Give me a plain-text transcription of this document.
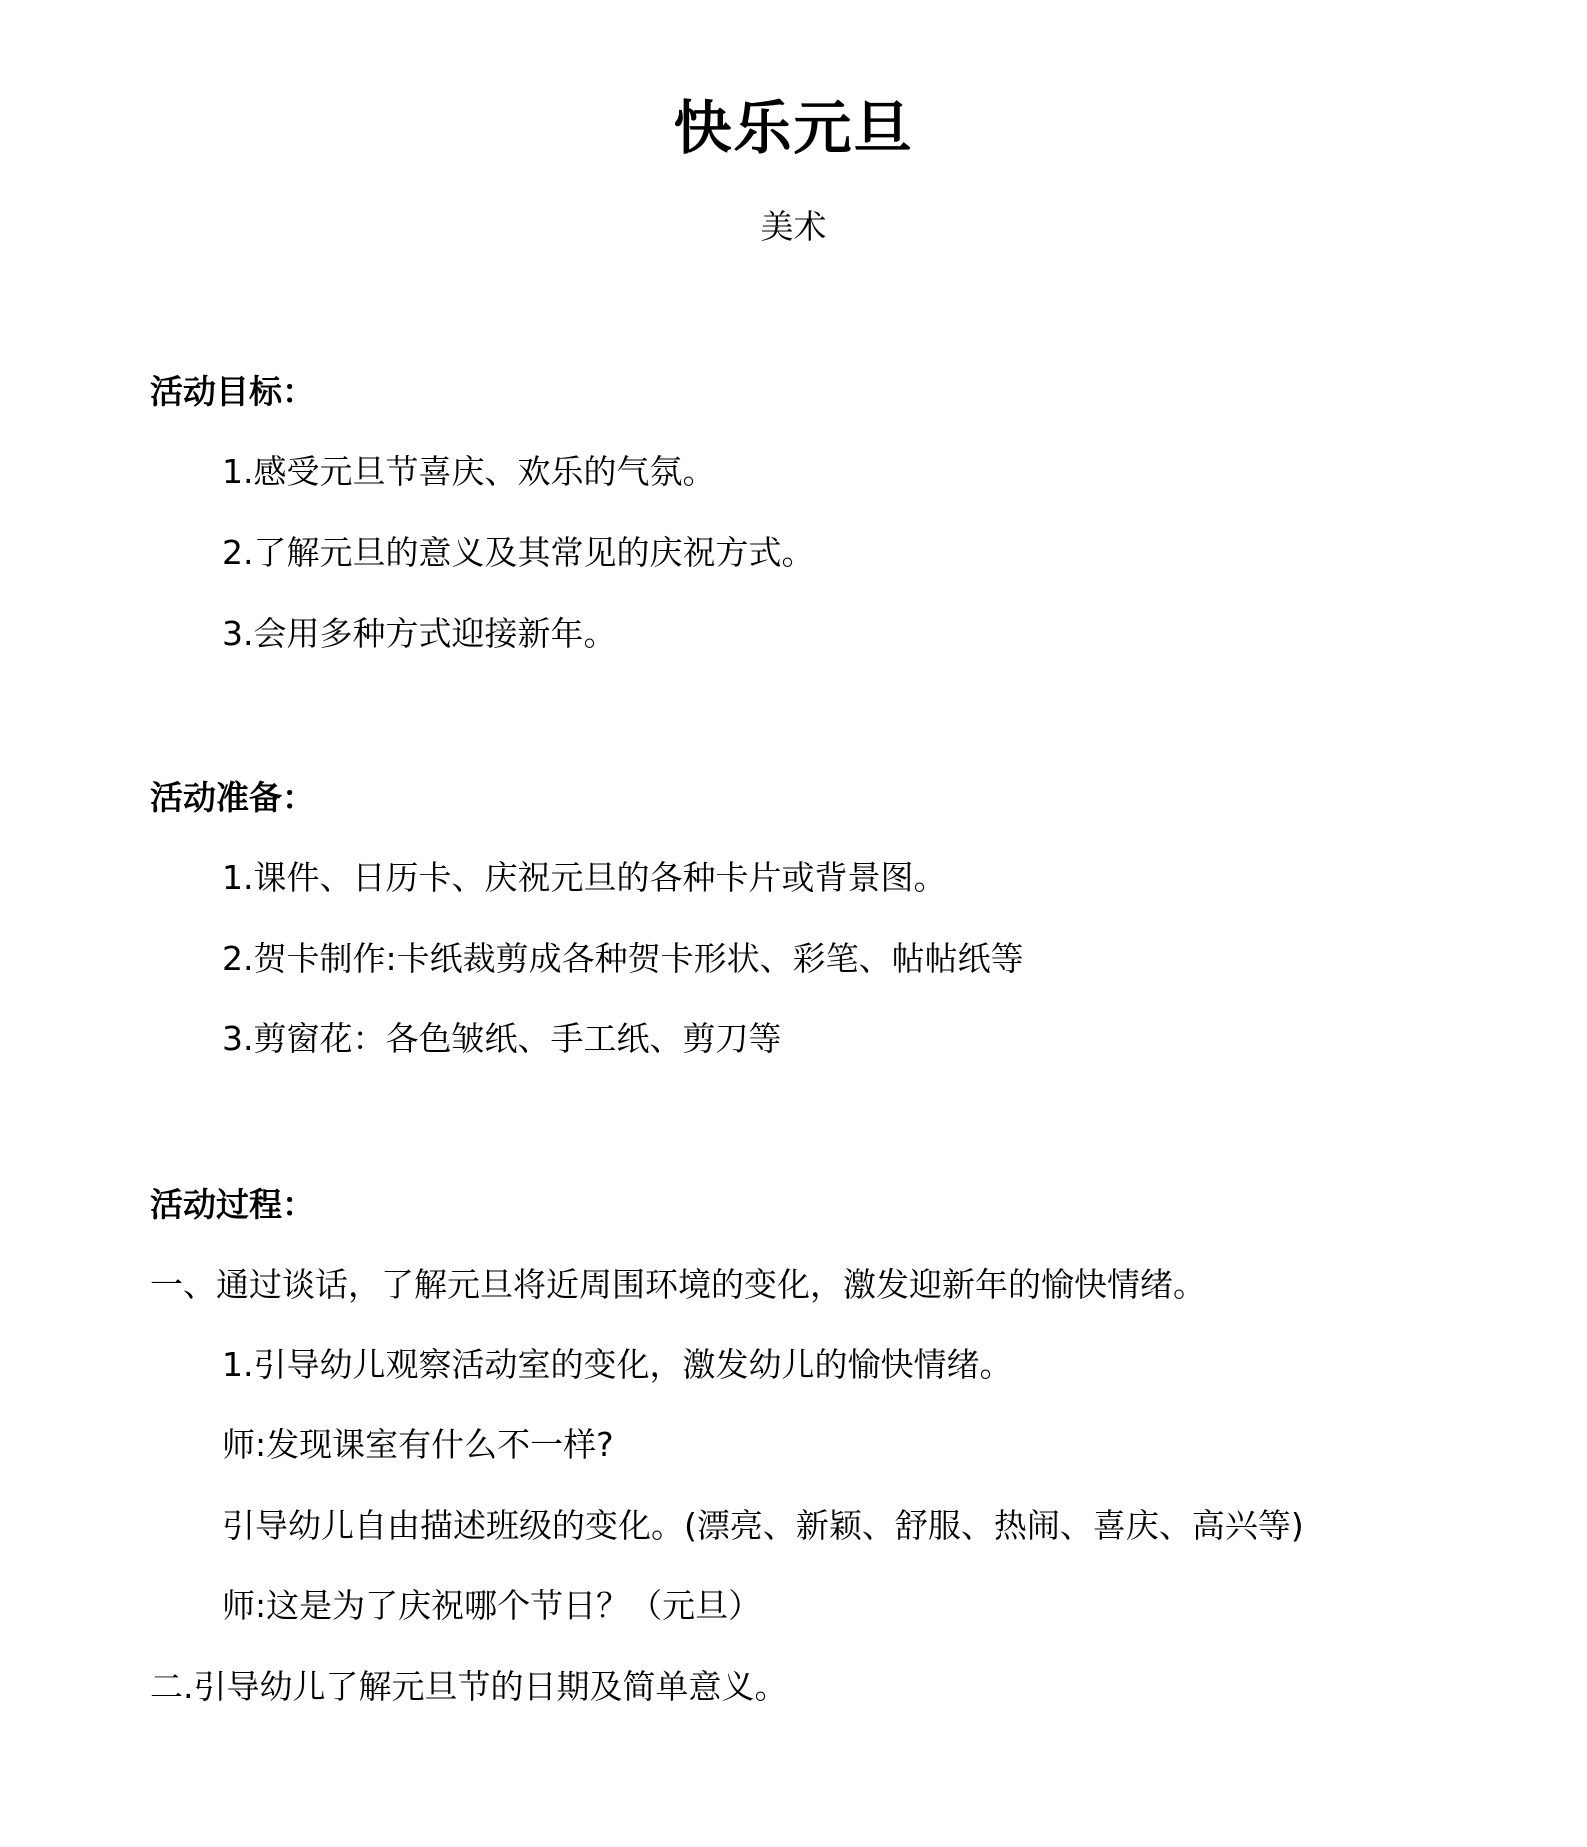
快乐元旦
美术
活动目标：
1.感受元旦节喜庆、欢乐的气氛。
2.了解元旦的意义及其常见的庆祝方式。
3.会用多种方式迎接新年。
活动准备：
1.课件、日历卡、庆祝元旦的各种卡片或背景图。
2.贺卡制作:卡纸裁剪成各种贺卡形状、彩笔、帖帖纸等
3.剪窗花：各色皱纸、手工纸、剪刀等
活动过程：
一、通过谈话，了解元旦将近周围环境的变化，激发迎新年的愉快情绪。
1.引导幼儿观察活动室的变化，激发幼儿的愉快情绪。
师:发现课室有什么不一样?
引导幼儿自由描述班级的变化。(漂亮、新颖、舒服、热闹、喜庆、高兴等)
师:这是为了庆祝哪个节日？（元旦）
二.引导幼儿了解元旦节的日期及简单意义。
